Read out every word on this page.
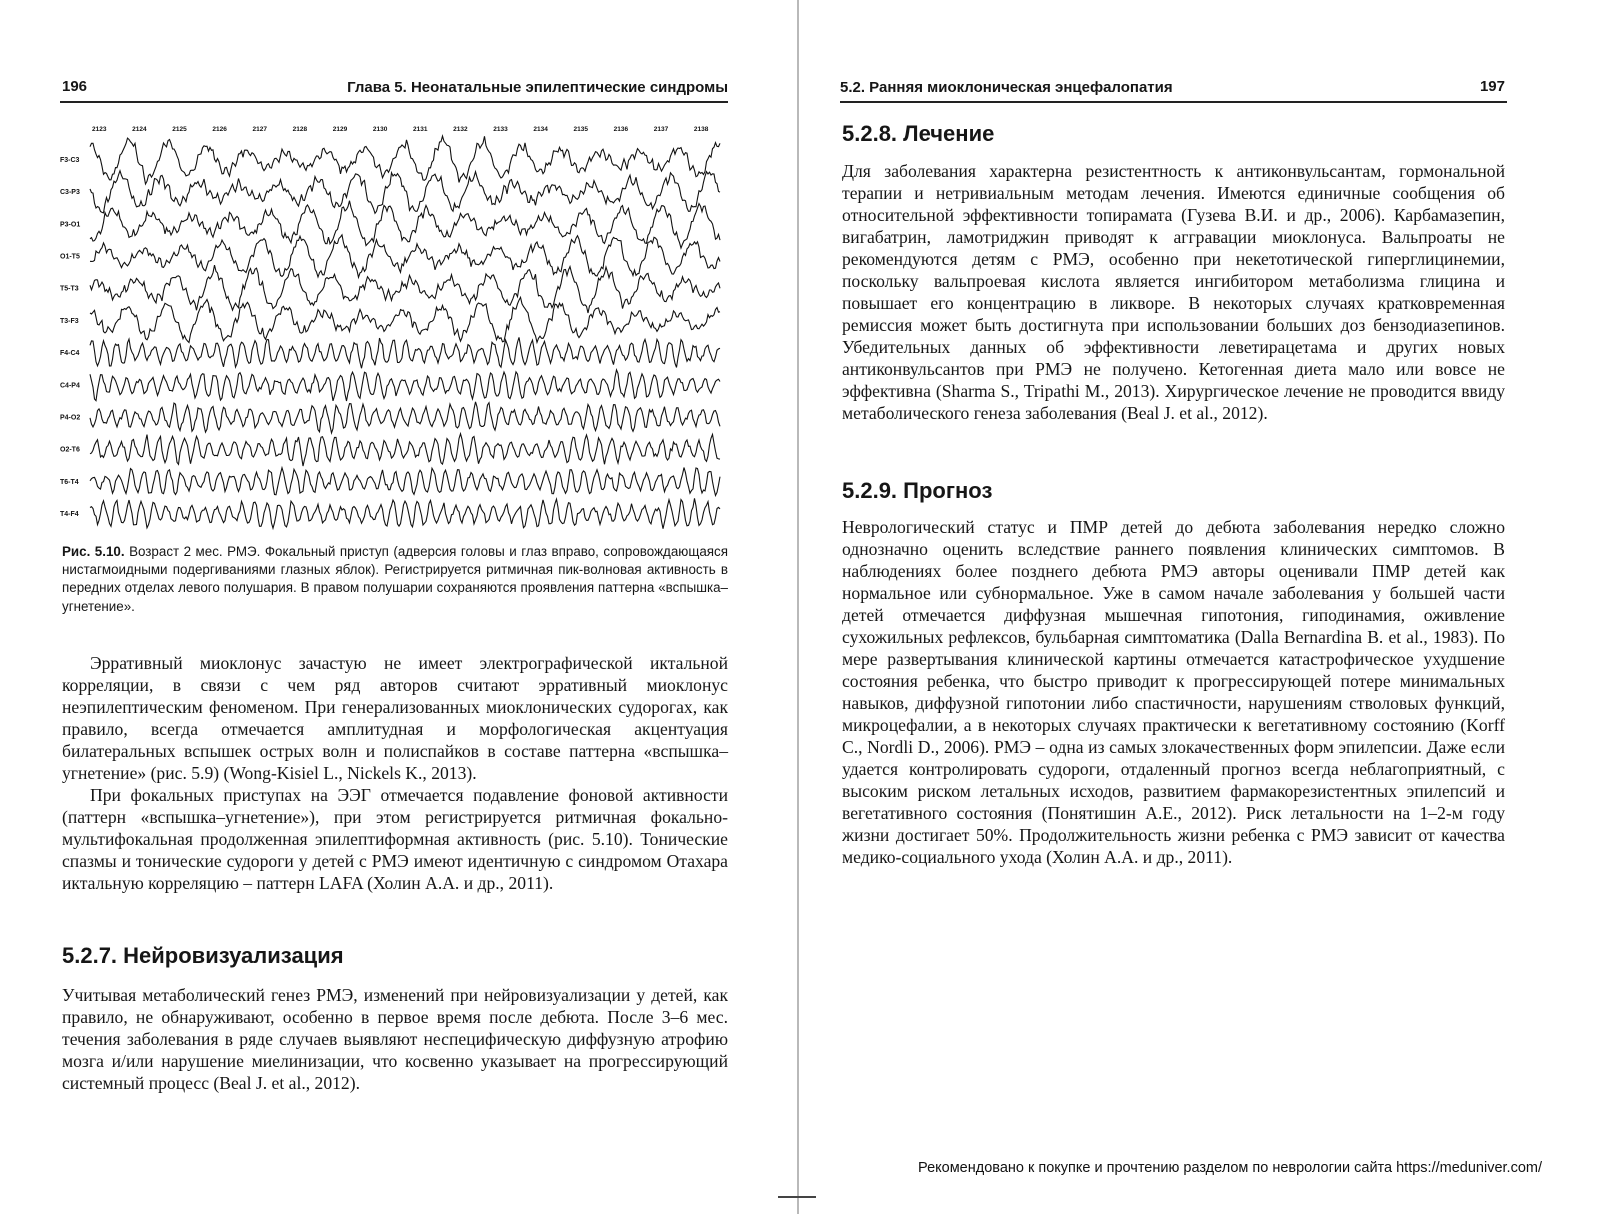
196	Глава 5. Неонатальные эпилептические синдромы
2123	2124	2125	2126	2127	2128	2129	2130	2131	2132	2133	2134	2135	2136	2137	2138
F3-C3
C3-P3
P3-O1
O1-T5
T5-T3
T3-F3
F4-C4
C4-P4
P4-O2
O2-T6
T6-T4
T4-F4
Рис. 5.10. Возраст 2 мес. РМЭ. Фокальный приступ (адверсия головы и глаз вправо, сопровождающаяся нистагмоидными подергиваниями глазных яблок). Регистрируется ритмичная пик-волновая активность в передних отделах левого полушария. В правом полушарии сохраняются проявления паттерна «вспышка–угнетение».

Эрративный миоклонус зачастую не имеет электрографической иктальной корреляции, в связи с чем ряд авторов считают эрративный миоклонус неэпилептическим феноменом. При генерализованных миоклонических судорогах, как правило, всегда отмечается амплитудная и морфологическая акцентуация билатеральных вспышек острых волн и полиспайков в составе паттерна «вспышка–угнетение» (рис. 5.9) (Wong-Kisiel L., Nickels K., 2013).

При фокальных приступах на ЭЭГ отмечается подавление фоновой активности (паттерн «вспышка–угнетение»), при этом регистрируется ритмичная фокально-мультифокальная продолженная эпилептиформная активность (рис. 5.10). Тонические спазмы и тонические судороги у детей с РМЭ имеют идентичную с синдромом Отахара иктальную корреляцию – паттерн LAFA (Холин А.А. и др., 2011).

5.2.7. Нейровизуализация

Учитывая метаболический генез РМЭ, изменений при нейровизуализации у детей, как правило, не обнаруживают, особенно в первое время после дебюта. После 3–6 мес. течения заболевания в ряде случаев выявляют неспецифическую диффузную атрофию мозга и/или нарушение миелинизации, что косвенно указывает на прогрессирующий системный процесс (Beal J. et al., 2012).

5.2. Ранняя миоклоническая энцефалопатия	197
5.2.8. Лечение

Для заболевания характерна резистентность к антиконвульсантам, гормональной терапии и нетривиальным методам лечения. Имеются единичные сообщения об относительной эффективности топирамата (Гузева В.И. и др., 2006). Карбамазепин, вигабатрин, ламотриджин приводят к аггравации миоклонуса. Вальпроаты не рекомендуются детям с РМЭ, особенно при некетотической гиперглицинемии, поскольку вальпроевая кислота является ингибитором метаболизма глицина и повышает его концентрацию в ликворе. В некоторых случаях кратковременная ремиссия может быть достигнута при использовании больших доз бензодиазепинов. Убедительных данных об эффективности леветирацетама и других новых антиконвульсантов при РМЭ не получено. Кетогенная диета мало или вовсе не эффективна (Sharma S., Tripathi M., 2013). Хирургическое лечение не проводится ввиду метаболического генеза заболевания (Beal J. et al., 2012).

5.2.9. Прогноз

Неврологический статус и ПМР детей до дебюта заболевания нередко сложно однозначно оценить вследствие раннего появления клинических симптомов. В наблюдениях более позднего дебюта РМЭ авторы оценивали ПМР детей как нормальное или субнормальное. Уже в самом начале заболевания у большей части детей отмечается диффузная мышечная гипотония, гиподинамия, оживление сухожильных рефлексов, бульбарная симптоматика (Dalla Bernardina B. et al., 1983). По мере развертывания клинической картины отмечается катастрофическое ухудшение состояния ребенка, что быстро приводит к прогрессирующей потере минимальных навыков, диффузной гипотонии либо спастичности, нарушениям стволовых функций, микроцефалии, а в некоторых случаях практически к вегетативному состоянию (Korff C., Nordli D., 2006). РМЭ – одна из самых злокачественных форм эпилепсии. Даже если удается контролировать судороги, отдаленный прогноз всегда неблагоприятный, с высоким риском летальных исходов, развитием фармакорезистентных эпилепсий и вегетативного состояния (Понятишин А.Е., 2012). Риск летальности на 1–2-м году жизни достигает 50%. Продолжительность жизни ребенка с РМЭ зависит от качества медико-социального ухода (Холин А.А. и др., 2011).

Рекомендовано к покупке и прочтению разделом по неврологии сайта https://meduniver.com/
